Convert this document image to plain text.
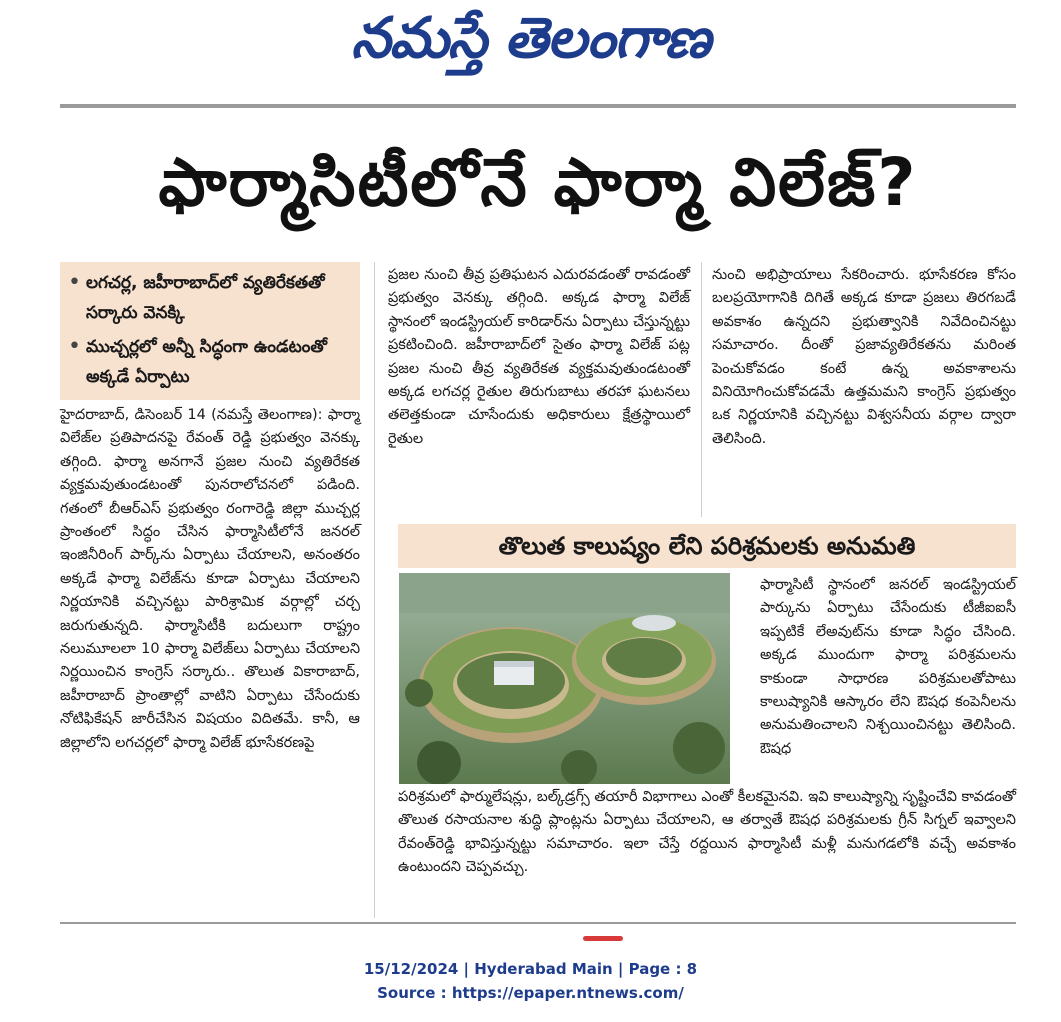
నమస్తే తెలంగాణ
ఫార్మాసిటీలోనే ఫార్మా విలేజ్?
• లగచర్ల, జహీరాబాద్‌లో వ్యతిరేకతతో సర్కారు వెనక్కి
• ముచ్చర్లలో అన్నీ సిద్ధంగా ఉండటంతో అక్కడే ఏర్పాటు

హైదరాబాద్, డిసెంబర్ 14 (నమస్తే తెలంగాణ): ఫార్మా విలేజ్‌ల ప్రతిపాదనపై రేవంత్ రెడ్డి ప్రభుత్వం వెనక్కు తగ్గింది. ఫార్మా అనగానే ప్రజల నుంచి వ్యతిరేకత వ్యక్తమవుతుండటంతో పునరాలోచనలో పడింది. గతంలో బీఆర్‌ఎస్ ప్రభుత్వం రంగారెడ్డి జిల్లా ముచ్చర్ల ప్రాంతంలో సిద్ధం చేసిన ఫార్మాసిటీలోనే జనరల్ ఇంజినీరింగ్ పార్క్‌ను ఏర్పాటు చేయాలని, అనంతరం అక్కడే ఫార్మా విలేజ్‌ను కూడా ఏర్పాటు చేయాలని నిర్ణయానికి వచ్చినట్టు పారిశ్రామిక వర్గాల్లో చర్చ జరుగుతున్నది. ఫార్మాసిటీకి బదులుగా రాష్ట్రం నలుమూలలా 10 ఫార్మా విలేజ్‌లు ఏర్పాటు చేయాలని నిర్ణయించిన కాంగ్రెస్ సర్కారు.. తొలుత వికారాబాద్, జహీరాబాద్ ప్రాంతాల్లో వాటిని ఏర్పాటు చేసేందుకు నోటిఫికేషన్ జారీచేసిన విషయం విదితమే. కానీ, ఆ జిల్లాలోని లగచర్లలో ఫార్మా విలేజ్ భూసేకరణపై

ప్రజల నుంచి తీవ్ర ప్రతిఘటన ఎదురవడంతో రావడంతో ప్రభుత్వం వెనక్కు తగ్గింది. అక్కడ ఫార్మా విలేజ్ స్థానంలో ఇండస్ట్రియల్ కారిడార్‌ను ఏర్పాటు చేస్తున్నట్టు ప్రకటించింది. జహీరాబాద్‌లో సైతం ఫార్మా విలేజ్ పట్ల ప్రజల నుంచి తీవ్ర వ్యతిరేకత వ్యక్తమవుతుండటంతో అక్కడ లగచర్ల రైతుల తిరుగుబాటు తరహా ఘటనలు తలెత్తకుండా చూసేందుకు అధికారులు క్షేత్రస్థాయిలో రైతుల

నుంచి అభిప్రాయాలు సేకరించారు. భూసేకరణ కోసం బలప్రయోగానికి దిగితే అక్కడ కూడా ప్రజలు తిరగబడే అవకాశం ఉన్నదని ప్రభుత్వానికి నివేదించినట్టు సమాచారం. దీంతో ప్రజావ్యతిరేకతను మరింత పెంచుకోవడం కంటే ఉన్న అవకాశాలను వినియోగించుకోవడమే ఉత్తమమని కాంగ్రెస్ ప్రభుత్వం ఒక నిర్ణయానికి వచ్చినట్టు విశ్వసనీయ వర్గాల ద్వారా తెలిసింది.

తొలుత కాలుష్యం లేని పరిశ్రమలకు అనుమతి

ఫార్మాసిటీ స్థానంలో జనరల్ ఇండస్ట్రియల్ పార్కును ఏర్పాటు చేసేందుకు టీజీఐఐసీ ఇప్పటికే లేఅవుట్‌ను కూడా సిద్ధం చేసింది. అక్కడ ముందుగా ఫార్మా పరిశ్రమలను కాకుండా సాధారణ పరిశ్రమలతోపాటు కాలుష్యానికి ఆస్కారం లేని ఔషధ కంపెనీలను అనుమతించాలని నిశ్చయించినట్టు తెలిసింది. ఔషధ

పరిశ్రమలో ఫార్ములేషన్లు, బల్క్‌డ్రగ్స్ తయారీ విభాగాలు ఎంతో కీలకమైనవి. ఇవి కాలుష్యాన్ని సృష్టించేవి కావడంతో తొలుత రసాయనాల శుద్ధి ప్లాంట్లను ఏర్పాటు చేయాలని, ఆ తర్వాతే ఔషధ పరిశ్రమలకు గ్రీన్ సిగ్నల్ ఇవ్వాలని రేవంత్‌రెడ్డి భావిస్తున్నట్టు సమాచారం. ఇలా చేస్తే రద్దయిన ఫార్మాసిటీ మళ్లీ మనుగడలోకి వచ్చే అవకాశం ఉంటుందని చెప్పవచ్చు.

15/12/2024 | Hyderabad Main | Page : 8
Source : https://epaper.ntnews.com/
